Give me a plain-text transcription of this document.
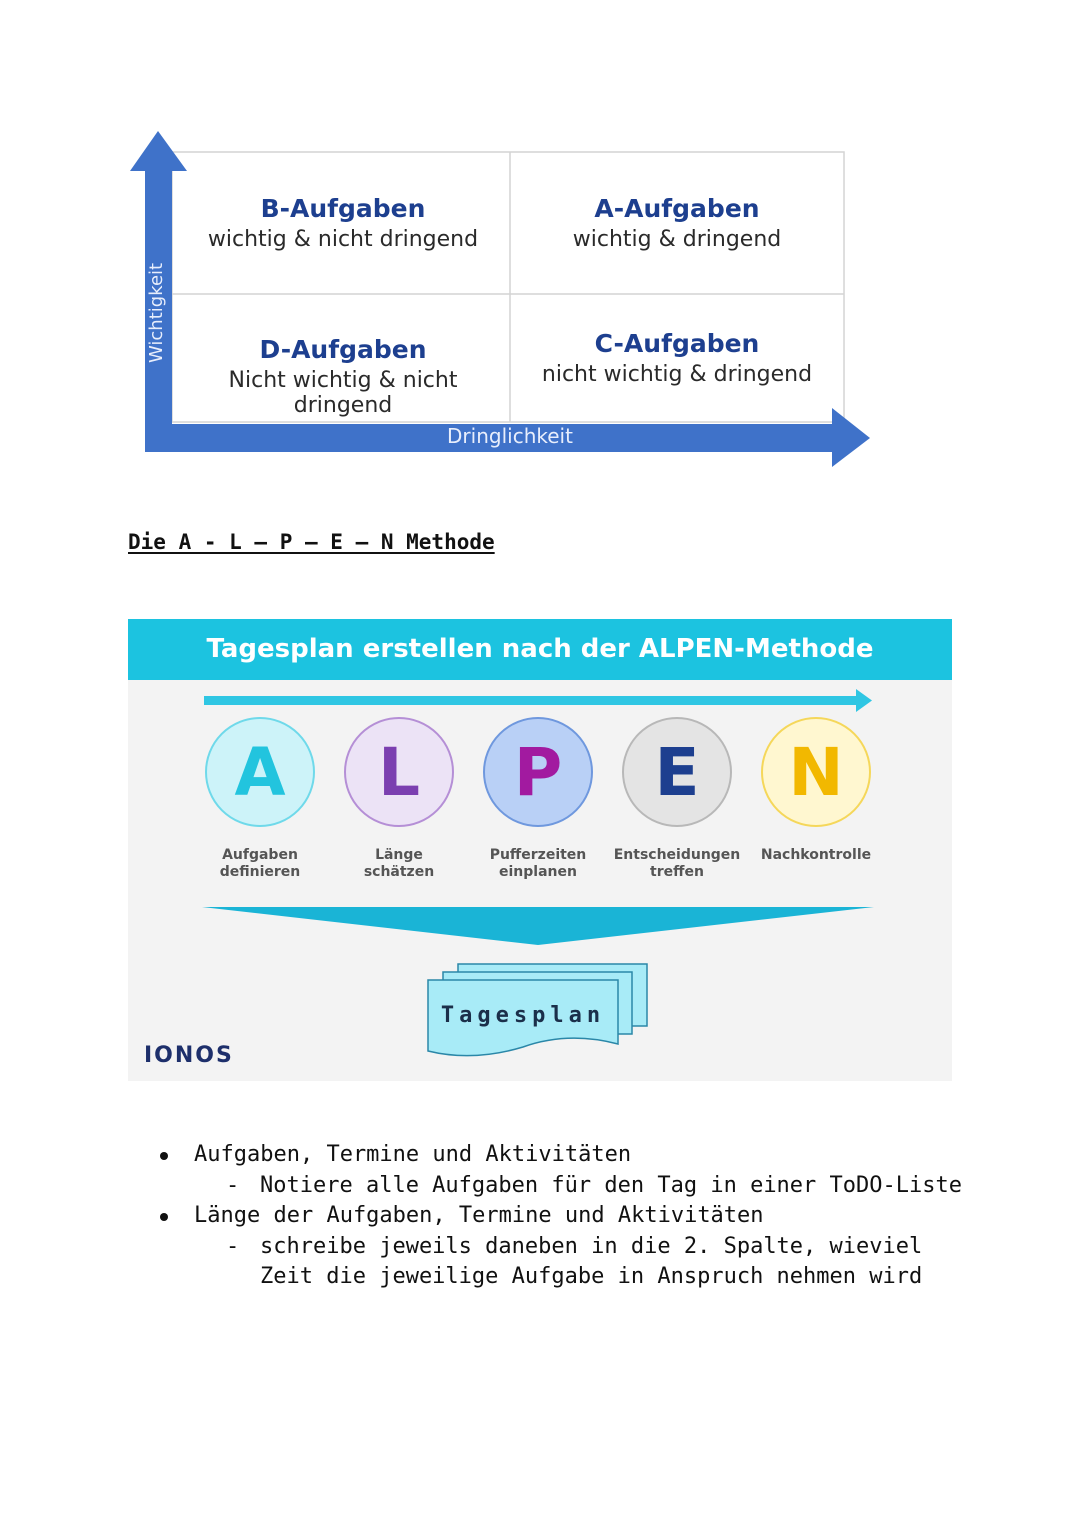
Wichtigkeit
Dringlichkeit
B-Aufgaben
wichtig & nicht dringend
A-Aufgaben
wichtig & dringend
D-Aufgaben
Nicht wichtig & nicht dringend
C-Aufgaben
nicht wichtig & dringend
Die A - L – P – E – N Methode
Tagesplan erstellen nach der ALPEN-Methode
A
Aufgaben
definieren
L
Länge
schätzen
P
Pufferzeiten
einplanen
E
Entscheidungen
treffen
N
Nachkontrolle
Tagesplan
IONOS
Aufgaben, Termine und Aktivitäten
- Notiere alle Aufgaben für den Tag in einer ToDO-Liste
Länge der Aufgaben, Termine und Aktivitäten
- schreibe jeweils daneben in die 2. Spalte, wieviel Zeit die jeweilige Aufgabe in Anspruch nehmen wird
